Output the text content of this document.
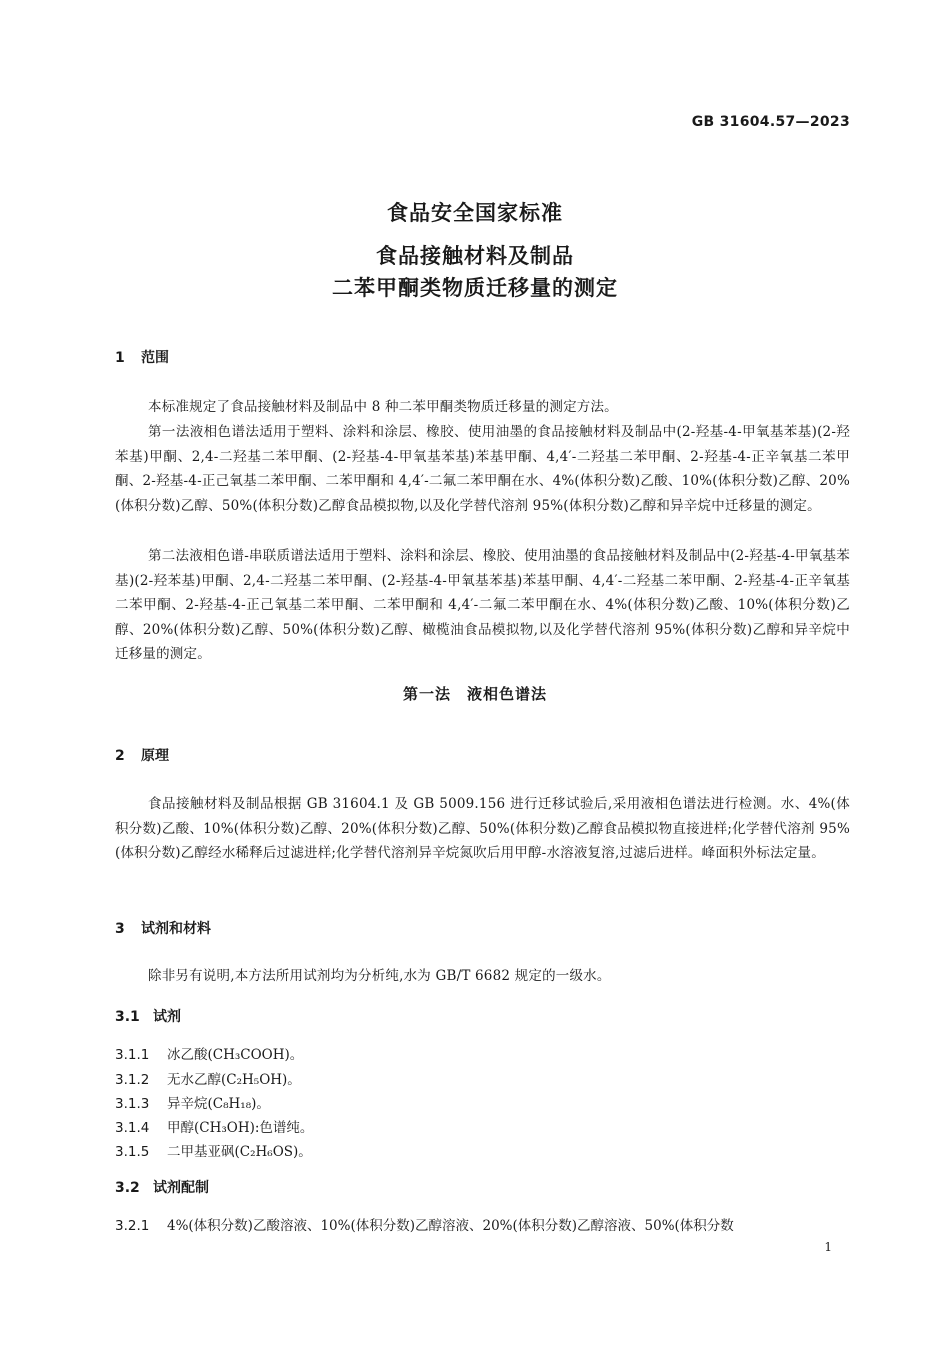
GB 31604.57—2023
食品安全国家标准
食品接触材料及制品
二苯甲酮类物质迁移量的测定
1 范围
本标准规定了食品接触材料及制品中 8 种二苯甲酮类物质迁移量的测定方法。
第一法液相色谱法适用于塑料、涂料和涂层、橡胶、使用油墨的食品接触材料及制品中(2-羟基-4-甲氧基苯基)(2-羟苯基)甲酮、2,4-二羟基二苯甲酮、(2-羟基-4-甲氧基苯基)苯基甲酮、4,4′-二羟基二苯甲酮、2-羟基-4-正辛氧基二苯甲酮、2-羟基-4-正己氧基二苯甲酮、二苯甲酮和 4,4′-二氟二苯甲酮在水、4%(体积分数)乙酸、10%(体积分数)乙醇、20%(体积分数)乙醇、50%(体积分数)乙醇食品模拟物,以及化学替代溶剂 95%(体积分数)乙醇和异辛烷中迁移量的测定。
第二法液相色谱-串联质谱法适用于塑料、涂料和涂层、橡胶、使用油墨的食品接触材料及制品中(2-羟基-4-甲氧基苯基)(2-羟苯基)甲酮、2,4-二羟基二苯甲酮、(2-羟基-4-甲氧基苯基)苯基甲酮、4,4′-二羟基二苯甲酮、2-羟基-4-正辛氧基二苯甲酮、2-羟基-4-正己氧基二苯甲酮、二苯甲酮和 4,4′-二氟二苯甲酮在水、4%(体积分数)乙酸、10%(体积分数)乙醇、20%(体积分数)乙醇、50%(体积分数)乙醇、橄榄油食品模拟物,以及化学替代溶剂 95%(体积分数)乙醇和异辛烷中迁移量的测定。
第一法　液相色谱法
2 原理
食品接触材料及制品根据 GB 31604.1 及 GB 5009.156 进行迁移试验后,采用液相色谱法进行检测。水、4%(体积分数)乙酸、10%(体积分数)乙醇、20%(体积分数)乙醇、50%(体积分数)乙醇食品模拟物直接进样;化学替代溶剂 95%(体积分数)乙醇经水稀释后过滤进样;化学替代溶剂异辛烷氮吹后用甲醇-水溶液复溶,过滤后进样。峰面积外标法定量。
3 试剂和材料
除非另有说明,本方法所用试剂均为分析纯,水为 GB/T 6682 规定的一级水。
3.1 试剂
3.1.1 冰乙酸(CH₃COOH)。
3.1.2 无水乙醇(C₂H₅OH)。
3.1.3 异辛烷(C₈H₁₈)。
3.1.4 甲醇(CH₃OH):色谱纯。
3.1.5 二甲基亚砜(C₂H₆OS)。
3.2 试剂配制
3.2.1 4%(体积分数)乙酸溶液、10%(体积分数)乙醇溶液、20%(体积分数)乙醇溶液、50%(体积分数
1
